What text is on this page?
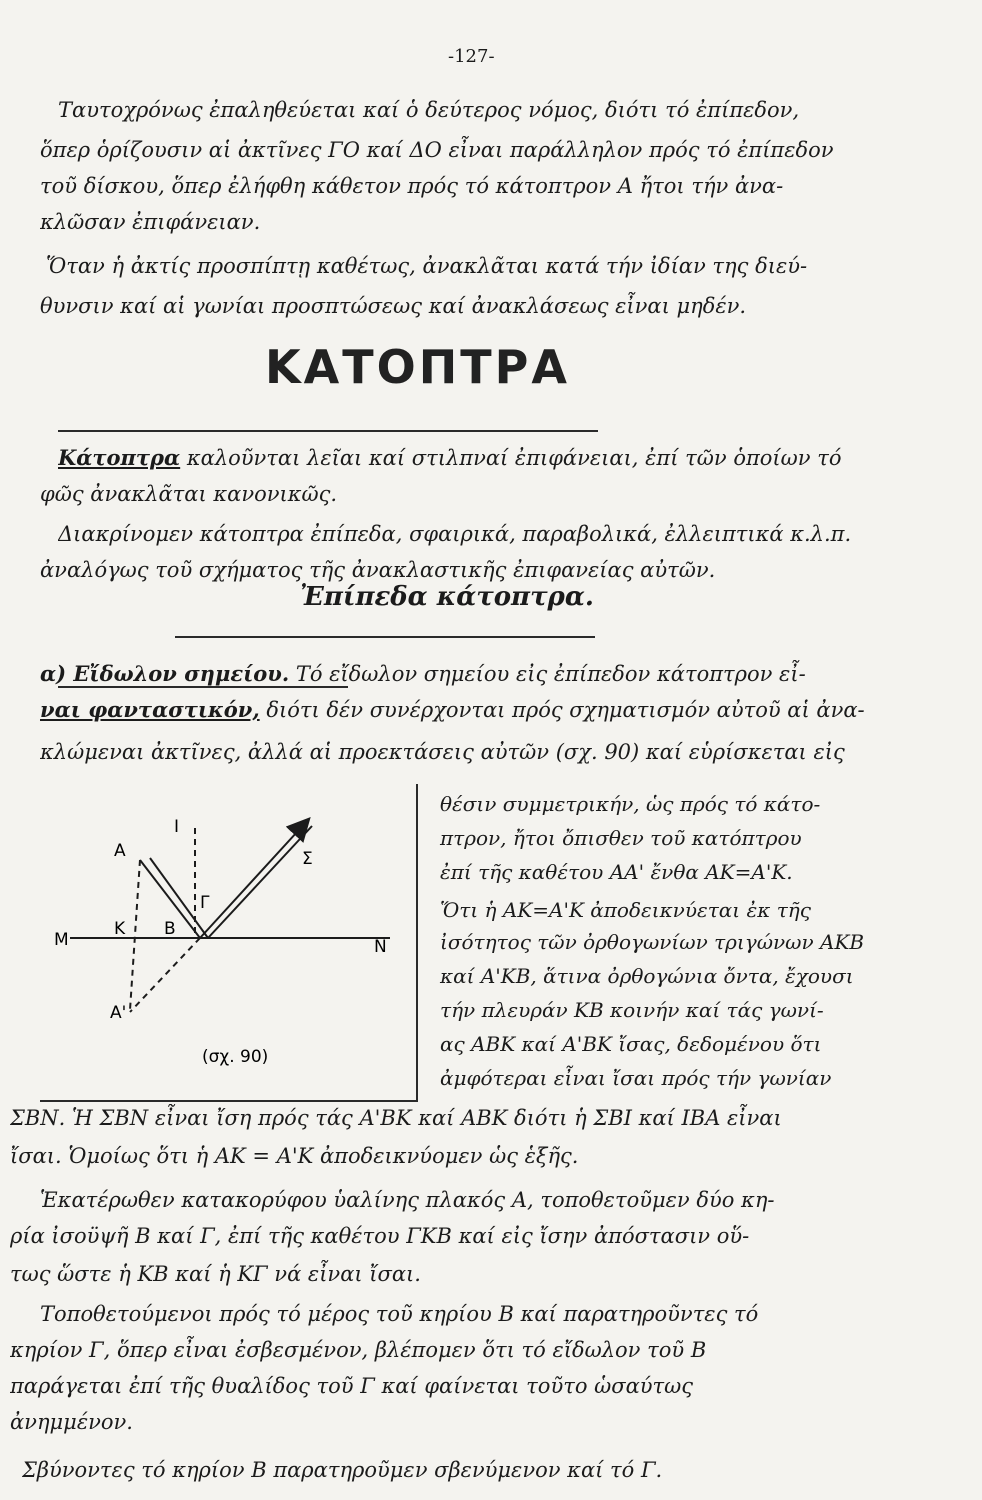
-127-
Ταυτοχρόνως ἐπαληθεύεται καί ὁ δεύτερος νόμος, διότι τό ἐπίπεδον,
ὅπερ ὁρίζουσιν αἱ ἀκτῖνες ΓΟ καί ΔΟ εἶναι παράλληλον πρός τό ἐπίπεδον
τοῦ δίσκου, ὅπερ ἐλήφθη κάθετον πρός τό κάτοπτρον Α ἤτοι τήν ἀνα-
κλῶσαν ἐπιφάνειαν.
Ὅταν ἡ ἀκτίς προσπίπτῃ καθέτως, ἀνακλᾶται κατά τήν ἰδίαν της διεύ-
θυνσιν καί αἱ γωνίαι προσπτώσεως καί ἀνακλάσεως εἶναι μηδέν.
ΚΑΤΟΠΤΡΑ
Κάτοπτρα καλοῦνται λεῖαι καί στιλπναί ἐπιφάνειαι, ἐπί τῶν ὁποίων τό
φῶς ἀνακλᾶται κανονικῶς.
Διακρίνομεν κάτοπτρα ἐπίπεδα, σφαιρικά, παραβολικά, ἐλλειπτικά κ.λ.π.
ἀναλόγως τοῦ σχήματος τῆς ἀνακλαστικῆς ἐπιφανείας αὐτῶν.
Ἐπίπεδα κάτοπτρα.
α) Εἴδωλον σημείου. Τό εἴδωλον σημείου εἰς ἐπίπεδον κάτοπτρον εἶ-
ναι φανταστικόν, διότι δέν συνέρχονται πρός σχηματισμόν αὐτοῦ αἱ ἀνα-
κλώμεναι ἀκτῖνες, ἀλλά αἱ προεκτάσεις αὐτῶν (σχ. 90) καί εὑρίσκεται εἰς
Α
Α'
Μ	Ν
Κ Β
Ι
Γ
Σ
(σχ. 90)
θέσιν συμμετρικήν, ὡς πρός τό κάτο-
πτρον, ἤτοι ὄπισθεν τοῦ κατόπτρου
ἐπί τῆς καθέτου ΑΑ' ἔνθα ΑΚ=Α'Κ.
Ὅτι ἡ ΑΚ=Α'Κ ἀποδεικνύεται ἐκ τῆς
ἰσότητος τῶν ὀρθογωνίων τριγώνων ΑΚΒ
καί Α'ΚΒ, ἅτινα ὀρθογώνια ὄντα, ἔχουσι
τήν πλευράν ΚΒ κοινήν καί τάς γωνί-
ας ΑΒΚ καί Α'ΒΚ ἴσας, δεδομένου ὅτι
ἀμφότεραι εἶναι ἴσαι πρός τήν γωνίαν
ΣΒΝ. Ἡ ΣΒΝ εἶναι ἴση πρός τάς Α'ΒΚ καί ΑΒΚ διότι ἡ ΣΒΙ καί ΙΒΑ εἶναι
ἴσαι. Ὁμοίως ὅτι ἡ ΑΚ = Α'Κ ἀποδεικνύομεν ὡς ἑξῆς.
Ἑκατέρωθεν κατακορύφου ὑαλίνης πλακός Α, τοποθετοῦμεν δύο κη-
ρία ἰσοϋψῆ Β καί Γ, ἐπί τῆς καθέτου ΓΚΒ καί εἰς ἴσην ἀπόστασιν οὕ-
τως ὥστε ἡ ΚΒ καί ἡ ΚΓ νά εἶναι ἴσαι.
Τοποθετούμενοι πρός τό μέρος τοῦ κηρίου Β καί παρατηροῦντες τό
κηρίον Γ, ὅπερ εἶναι ἐσβεσμένον, βλέπομεν ὅτι τό εἴδωλον τοῦ Β
παράγεται ἐπί τῆς θυαλίδος τοῦ Γ καί φαίνεται τοῦτο ὡσαύτως
ἀνημμένον.
Σβύνοντες τό κηρίον Β παρατηροῦμεν σβενύμενον καί τό Γ.
